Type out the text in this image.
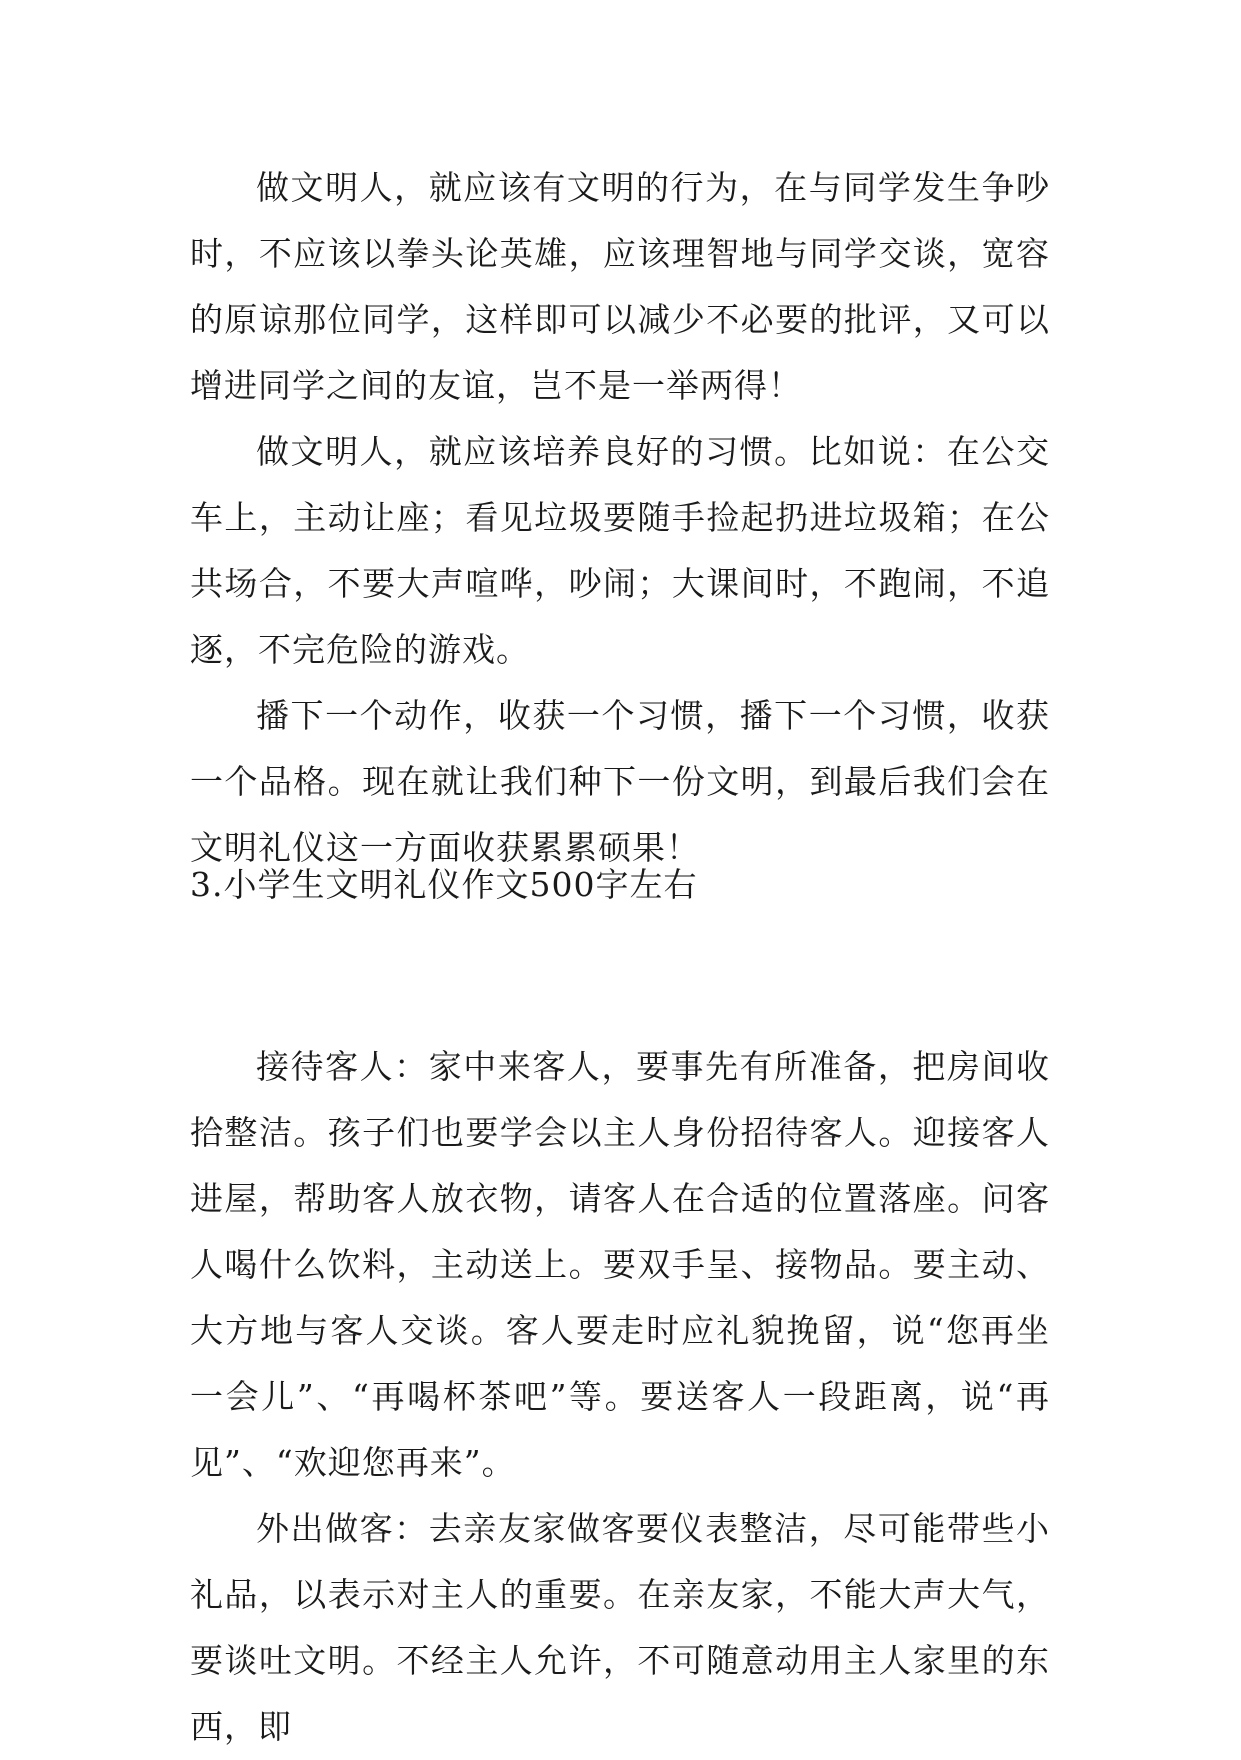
做文明人，就应该有文明的行为，在与同学发生争吵时，不应该以拳头论英雄，应该理智地与同学交谈，宽容的原谅那位同学，这样即可以减少不必要的批评，又可以增进同学之间的友谊，岂不是一举两得！

做文明人，就应该培养良好的习惯。比如说：在公交车上，主动让座；看见垃圾要随手捡起扔进垃圾箱；在公共场合，不要大声喧哗，吵闹；大课间时，不跑闹，不追逐，不完危险的游戏。

播下一个动作，收获一个习惯，播下一个习惯，收获一个品格。现在就让我们种下一份文明，到最后我们会在文明礼仪这一方面收获累累硕果！

3.小学生文明礼仪作文500字左右

接待客人：家中来客人，要事先有所准备，把房间收拾整洁。孩子们也要学会以主人身份招待客人。迎接客人进屋，帮助客人放衣物，请客人在合适的位置落座。问客人喝什么饮料，主动送上。要双手呈、接物品。要主动、大方地与客人交谈。客人要走时应礼貌挽留，说“您再坐一会儿”、“再喝杯茶吧”等。要送客人一段距离，说“再见”、“欢迎您再来”。

外出做客：去亲友家做客要仪表整洁，尽可能带些小礼品，以表示对主人的重要。在亲友家，不能大声大气，要谈吐文明。不经主人允许，不可随意动用主人家里的东西，即
